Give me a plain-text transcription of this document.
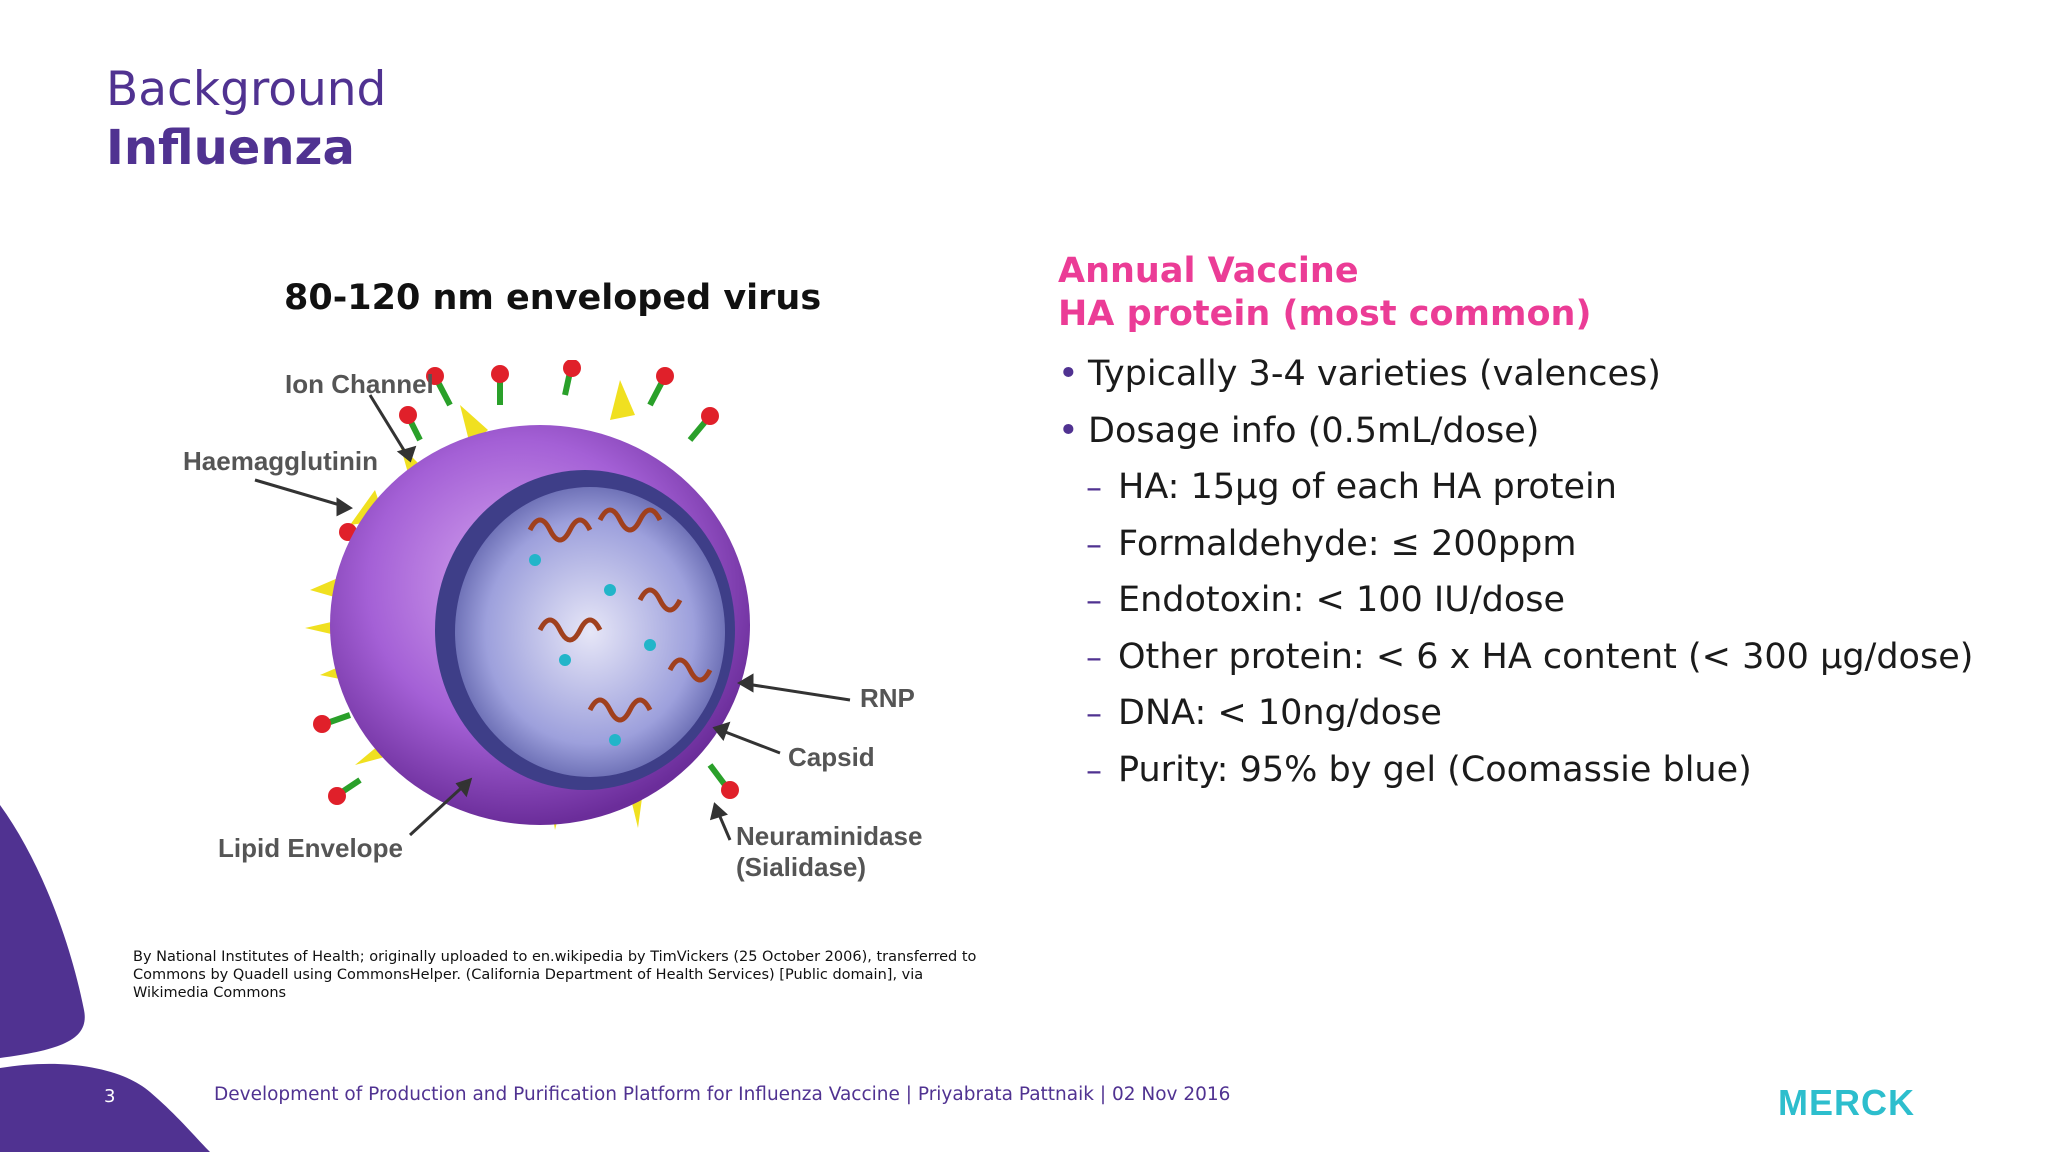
Background
Influenza
80-120 nm enveloped virus
Ion Channel
Haemagglutinin
RNP
Capsid
Neuraminidase
(Sialidase)
Lipid Envelope
By National Institutes of Health; originally uploaded to en.wikipedia by TimVickers (25 October 2006), transferred to Commons by Quadell using CommonsHelper. (California Department of Health Services) [Public domain], via Wikimedia Commons
Annual Vaccine
HA protein (most common)
• Typically 3-4 varieties (valences)
• Dosage info (0.5mL/dose)
– HA: 15μg of each HA protein
– Formaldehyde: ≤ 200ppm
– Endotoxin: < 100 IU/dose
– Other protein: < 6 x HA content (< 300 μg/dose)
– DNA: < 10ng/dose
– Purity: 95% by gel (Coomassie blue)
3	Development of Production and Purification Platform for Influenza Vaccine | Priyabrata Pattnaik | 02 Nov 2016	MERCK
